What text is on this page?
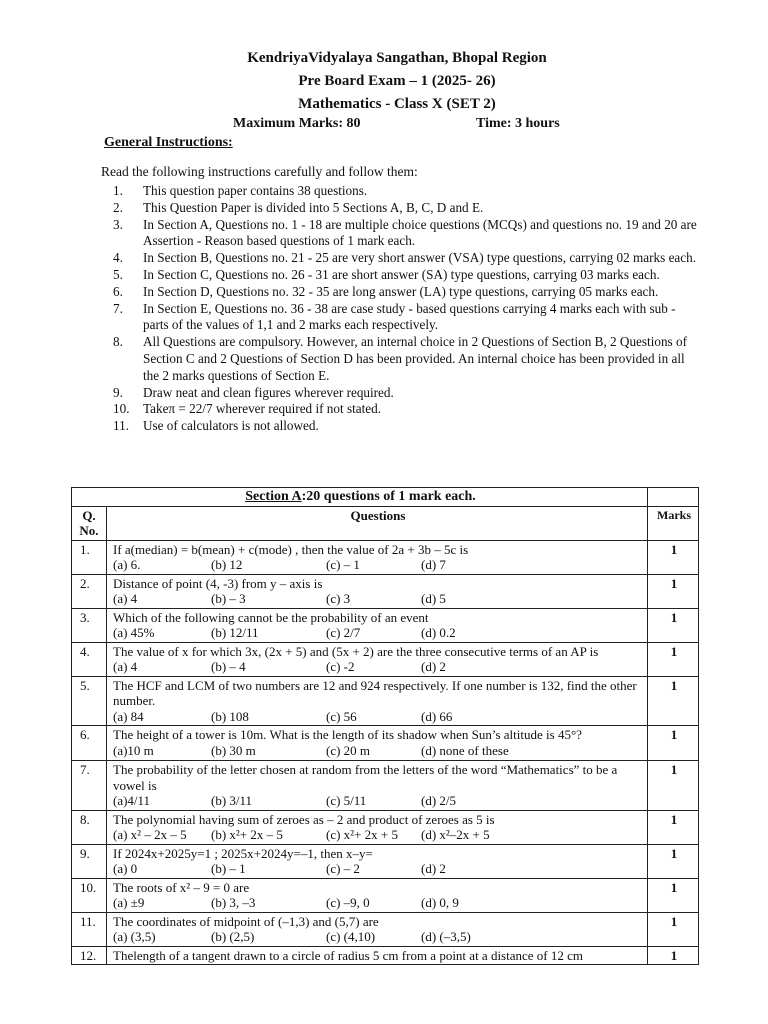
KendriyaVidyalaya Sangathan, Bhopal Region
Pre Board Exam – 1 (2025- 26)
Mathematics - Class X (SET 2)
Maximum Marks: 80	Time: 3 hours
General Instructions:
Read the following instructions carefully and follow them:
1.	This question paper contains 38 questions.
2.	This Question Paper is divided into 5 Sections A, B, C, D and E.
3.	In Section A, Questions no. 1 - 18 are multiple choice questions (MCQs) and questions no. 19 and 20 are Assertion - Reason based questions of 1 mark each.
4.	In Section B, Questions no. 21 - 25 are very short answer (VSA) type questions, carrying 02 marks each.
5.	In Section C, Questions no. 26 - 31 are short answer (SA) type questions, carrying 03 marks each.
6.	In Section D, Questions no. 32 - 35 are long answer (LA) type questions, carrying 05 marks each.
7.	In Section E, Questions no. 36 - 38 are case study - based questions carrying 4 marks each with sub - parts of the values of 1,1 and 2 marks each respectively.
8.	All Questions are compulsory. However, an internal choice in 2 Questions of Section B, 2 Questions of Section C and 2 Questions of Section D has been provided. An internal choice has been provided in all the 2 marks questions of Section E.
9.	Draw neat and clean figures wherever required.
10.	Takeπ = 22/7 wherever required if not stated.
11.	Use of calculators is not allowed.
Section A:20 questions of 1 mark each.		
Q. No.	Questions	Marks
1.	If a(median) = b(mean) + c(mode) , then the value of 2a + 3b – 5c is
(a) 6. (b) 12 (c) – 1 (d) 7	1
2.	Distance of point (4, -3) from y – axis is
(a) 4 (b) – 3 (c) 3 (d) 5	1
3.	Which of the following cannot be the probability of an event
(a) 45% (b) 12/11 (c) 2/7 (d) 0.2	1
4.	The value of x for which 3x, (2x + 5) and (5x + 2) are the three consecutive terms of an AP is
(a) 4 (b) – 4 (c) -2 (d) 2	1
5.	The HCF and LCM of two numbers are 12 and 924 respectively. If one number is 132, find the other number.
(a) 84 (b) 108 (c) 56 (d) 66	1
6.	The height of a tower is 10m. What is the length of its shadow when Sun’s altitude is 45°?
(a)10 m (b) 30 m (c) 20 m (d) none of these	1
7.	The probability of the letter chosen at random from the letters of the word “Mathematics” to be a vowel is
(a)4/11 (b) 3/11 (c) 5/11 (d) 2/5	1
8.	The polynomial having sum of zeroes as – 2 and product of zeroes as 5 is
(a) x² – 2x – 5 (b) x²+ 2x – 5 (c) x²+ 2x + 5 (d) x²–2x + 5	1
9.	If 2024x+2025y=1 ; 2025x+2024y=–1, then x–y=
(a) 0 (b) – 1 (c) – 2 (d) 2	1
10.	The roots of x² – 9 = 0 are
(a) ±9 (b) 3, –3 (c) –9, 0 (d) 0, 9	1
11.	The coordinates of midpoint of (–1,3) and (5,7) are
(a) (3,5) (b) (2,5) (c) (4,10) (d) (–3,5)	1
12.	Thelength of a tangent drawn to a circle of radius 5 cm from a point at a distance of 12 cm	1
